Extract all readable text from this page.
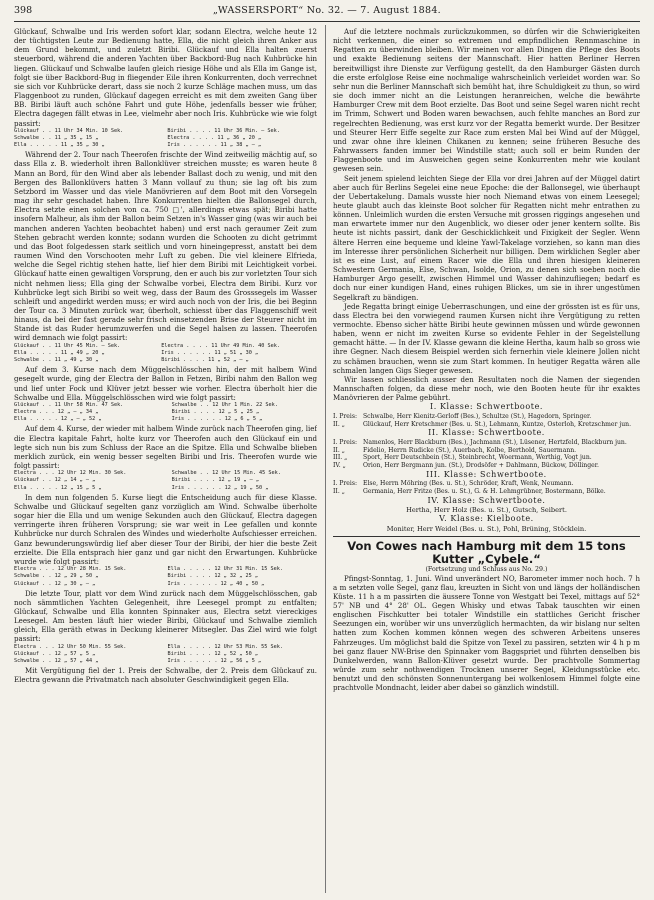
398	„WASSERSPORT“ No. 32. — 7. August 1884.

Glückauf, Schwalbe und Iris werden sofort klar, sodann Electra, welche heute 12 der tüchtigsten Leute zur Bedienung hatte, Ella, die nicht gleich ihren Anker aus dem Grund bekommt, und zuletzt Biribi. Glückauf und Ella halten zuerst steuerbord, während die anderen Yachten über Backbord-Bug nach Kuhbrücke hin liegen. Glückauf und Schwalbe laufen gleich riesige Höhe und als Ella im Gange ist, folgt sie über Backbord-Bug in fliegender Eile ihren Konkurrenten, doch verrechnet sie sich vor Kuhbrücke derart, dass sie noch 2 kurze Schläge machen muss, um das Flaggenboot zu runden, Glückauf dagegen erreicht es mit dem zweiten Gang über BB. Biribi läuft auch schöne Fahrt und gute Höhe, jedenfalls besser wie früher, Electra dagegen fällt etwas in Lee, vielmehr aber noch Iris. Kuhbrücke wie wie folgt passirt:

Glückauf . . 11 Uhr 34 Min. 10 Sek.		Biribi . . . . 11 Uhr 36 Min. — Sek.
Schwalbe . . 11 „ 35 „ 15 „		Electra . . . . 11 „ 36 „ 20 „
Ella . . . . . 11 „ 35 „ 30 „		Iris . . . . . . 11 „ 38 „ — „

Während der 2. Tour nach Theerofen frischte der Wind zeitweilig mächtig auf, so dass Ella z. B. wiederholt ihren Ballonklüver streichen musste; es waren heute 8 Mann an Bord, für den Wind aber als lebender Ballast doch zu wenig, und mit den Bergen des Ballonklüvers hatten 3 Mann vollauf zu thun; sie lag oft bis zum Setzbord im Wasser und das viele Manövrieren auf dem Boot mit den Vorsegeln mag ihr sehr geschadet haben. Ihre Konkurrenten hielten die Ballonsegel durch, Electra setzte einen solchen von ca. 750 □', allerdings etwas spät; Biribi hatte insofern Malheur, als ihm der Ballon beim Setzen in's Wasser ging (was wir auch bei manchen anderen Yachten beobachtet haben) und erst nach geraumer Zeit zum Stehen gebracht werden konnte; sodann wurden die Schooten zu dicht getrimmt und das Boot folgedessen stark seitlich und vorn hineingepresst, anstatt bei dem raumen Wind den Vorschooten mehr Luft zu geben. Die viel kleinere Elfrieda, welche die Segel richtig stehen hatte, lief hier dem Biribi mit Leichtigkeit vorbei. Glückauf hatte einen gewaltigen Vorsprung, den er auch bis zur vorletzten Tour sich nicht nehmen liess; Ella ging der Schwalbe vorbei, Electra dem Biribi. Kurz vor Kuhbrücke legt sich Biribi so weit weg, dass der Baum des Grosssegels im Wasser schleift und angedirkt werden muss; er wird auch noch von der Iris, die bei Beginn der Tour ca. 3 Minuten zurück war, überholt, schiesst über das Flaggenschiff weit hinaus, da bei der fast gerade sehr frisch einsetzenden Brise der Steurer nicht im Stande ist das Ruder herumzuwerfen und die Segel halsen zu lassen. Theerofen wird demnach wie folgt passirt:

Glückauf . . 11 Uhr 45 Min. — Sek.		Electra . . . . 11 Uhr 49 Min. 40 Sek.
Ella . . . . . 11 „ 49 „ 20 „		Iris . . . . . . 11 „ 51 „ 30 „
Schwalbe . . 11 „ 49 „ 30 „		Biribi . . . . 11 „ 52 „ — „

Auf dem 3. Kurse nach dem Müggelschlösschen hin, der mit halbem Wind gesegelt wurde, ging der Electra der Ballon in Fetzen, Biribi nahm den Ballon weg und lief unter Fock und Klüver jetzt besser wie vorher. Electra überholt hier die Schwalbe und Ella. Müggelschlösschen wird wie folgt passirt:

Glückauf . . 11 Uhr 58 Min. 47 Sek.		Schwalbe . . 12 Uhr 1 Min. 22 Sek.
Electra . . . 12 „ — „ 34 „		Biribi . . . . 12 „ 5 „ 25 „
Ella . . . . . 12 „ — „ 52 „		Iris . . . . . . 12 „ 6 „ 5 „

Auf dem 4. Kurse, der wieder mit halbem Winde zurück nach Theerofen ging, lief die Electra kapitale Fahrt, holte kurz vor Theerofen auch den Glückauf ein und legte sich nun bis zum Schluss der Race an die Spitze. Ella und Schwalbe blieben merklich zurück, ein wenig besser segelten Biribi und Iris. Theerofen wurde wie folgt passirt:

Electra . . . 12 Uhr 12 Min. 30 Sek.		Schwalbe . . 12 Uhr 15 Min. 45 Sek.
Glückauf . . 12 „ 14 „ — „		Biribi . . . . 12 „ 19 „ — „
Ella . . . . . 12 „ 15 „ 5 „		Iris . . . . . . 12 „ 19 „ 50 „

In dem nun folgenden 5. Kurse liegt die Entscheidung auch für diese Klasse. Schwalbe und Glückauf segelten ganz vorzüglich am Wind. Schwalbe überholte sogar hier die Ella und um wenige Sekunden auch den Glückauf, Electra dagegen verringerte ihren früheren Vorsprung; sie war weit in Lee gefallen und konnte Kuhbrücke nur durch Schralen des Windes und wiederholte Aufschiesser erreichen. Ganz bewunderungswürdig lief aber dieser Tour der Biribi, der hier die beste Zeit erzielte. Die Ella entsprach hier ganz und gar nicht den Erwartungen. Kuhbrücke wurde wie folgt passirt:

Electra . . . 12 Uhr 28 Min. 15 Sek.		Ella . . . . . 12 Uhr 31 Min. 15 Sek.
Schwalbe . . 12 „ 29 „ 50 „		Biribi . . . . 12 „ 32 „ 25 „
Glückauf . . 12 „ 30 „ — „		Iris . . . . . . 12 „ 40 „ 50 „

Die letzte Tour, platt vor dem Wind zurück nach dem Müggelschlösschen, gab noch sämmtlichen Yachten Gelegenheit, ihre Leesegel prompt zu entfalten; Glückauf, Schwalbe und Ella konnten Spinnaker aus, Electra setzt viereckiges Leesegel. Am besten läuft hier wieder Biribi, Glückauf und Schwalbe ziemlich gleich, Ella geräth etwas in Deckung kleinerer Mitsegler. Das Ziel wird wie folgt passirt:

Electra . . . 12 Uhr 50 Min. 55 Sek.		Ella . . . . . 12 Uhr 53 Min. 55 Sek.
Glückauf . . 12 „ 57 „ 5 „		Biribi . . . . 12 „ 52 „ 50 „
Schwalbe . . 12 „ 57 „ 44 „		Iris . . . . . . 12 „ 56 „ 5 „

Mit Vergütigung fiel der 1. Preis der Schwalbe, der 2. Preis dem Glückauf zu. Electra gewann die Privatmatch nach absoluter Geschwindigkeit gegen Ella.

Auf die letztere nochmals zurückzukommen, so dürfen wir die Schwierigkeiten nicht verkennen, die einer so extremen und empfindlichen Rennmaschine in Regatten zu überwinden bleiben. Wir meinen vor allen Dingen die Pflege des Boots und exakte Bedienung seitens der Mannschaft. Hier hatten Berliner Herren bereitwilligst ihre Dienste zur Verfügung gestellt, da den Hamburger Gästen durch die erste erfolglose Reise eine nochmalige wahrscheinlich verleidet worden war. So sehr nun die Berliner Mannschaft sich bemüht hat, ihre Schuldigkeit zu thun, so wird sie doch immer nicht an die Leistungen heranreichen, welche die bewährte Hamburger Crew mit dem Boot erzielte. Das Boot und seine Segel waren nicht recht im Trimm, Schwert und Boden waren bewachsen, auch fehlte manches an Bord zur regelrechten Bedienung, was erst kurz vor der Regatta bemerkt wurde. Der Besitzer und Steurer Herr Eiffe segelte zur Race zum ersten Mal bei Wind auf der Müggel, und zwar ohne ihre kleinen Chikanen zu kennen; seine früheren Besuche des Fahrwassers fanden immer bei Windstille statt; auch soll er beim Runden der Flaggenboote und im Ausweichen gegen seine Konkurrenten mehr wie koulant gewesen sein.

Seit jenem spielend leichten Siege der Ella vor drei Jahren auf der Müggel datirt aber auch für Berlins Segelei eine neue Epoche: die der Ballonsegel, wie überhaupt der Uebertakelung. Damals wusste hier noch Niemand etwas von einem Leesegel; heute glaubt auch das kleinste Boot solcher für Regatten nicht mehr entrathen zu können. Unleimlich wurden die ersten Versuche mit grossen riggings angesehen und man erwartete immer nur den Augenblick, wo dieser oder jener kentern sollte. Bis heute ist nichts passirt, dank der Geschicklichkeit und Fixigkeit der Segler. Wenn ältere Herren eine bequeme und kleine Yawl-Takelage vorziehen, so kann man dies im Interesse ihrer persönlichen Sicherheit nur billigen. Dem wirklichen Segler aber ist es eine Lust, auf einem Racer wie die Ella und ihren hiesigen kleineren Schwestern Germania, Else, Schwan, Isolde, Orion, zu denen sich soeben noch die Hamburger Argo gesellt, zwischen Himmel und Wasser dahinzufliegen; bedarf es doch nur einer kundigen Hand, eines ruhigen Blickes, um sie in ihrer ungestümen Segelkraft zu bändigen.

Jede Regatta bringt einige Ueberraschungen, und eine der grössten ist es für uns, dass Electra bei den vorwiegend raumen Kursen nicht ihre Vergütigung zu retten vermochte. Ebenso sicher hätte Biribi heute gewinnen müssen und würde gewonnen haben, wenn er nicht im zweiten Kurse so evidente Fehler in der Segelstellung gemacht hätte. — In der IV. Klasse gewann die kleine Hertha, kaum halb so gross wie ihre Gegner. Nach diesem Beispiel werden sich fernerhin viele kleinere Jollen nicht zu schämen brauchen, wenn sie zum Start kommen. In heutiger Regatta wären alle schmalen langen Gigs Sieger gewesen.

Wir lassen schliesslich ausser den Resultaten noch die Namen der siegenden Mannschaften folgen, da diese mehr noch, wie den Booten heute für ihr exaktes Manövrieren der Palme gebührt.

I. Klasse: Schwertboote.
I. Preis: Schwalbe, Herr Kienitz-Gerloff (Bes.), Schultze (St.), Hagedorn, Springer.
II. „	Glückauf, Herr Kretschmer (Bes. u. St.), Lehmann, Kuntze, Osterloh, Kretzschmer jun.
II. Klasse: Schwertboote.
I. Preis: Namenlos, Herr Blackburn (Bes.), Jachmann (St.), Lüsener, Hertzfeld, Blackburn jun.
II. „	Fidelio, Herrn Rudicke (St.), Auerbach, Kolbe, Berthold, Sauermann.
III. „	Sport, Herr Deutschbein (St.), Steinbrecht, Woermann, Werthig, Vogt jun.
IV. „	Orion, Herr Bergmann jun. (St.), Drodsöfer + Dahlmann, Bückow, Döllinger.
III. Klasse: Schwertboote.
I. Preis: Else, Herrn Möhring (Bes. u. St.), Schröder, Kraft, Wenk, Neumann.
II. „	Germania, Herr Fritze (Bes. u. St.), G. & H. Lehmgrübner, Bostermann, Bölke.
IV. Klasse: Schwertboote.
Hertha, Herr Holz (Bes. u. St.), Gutsch, Seibert.
V. Klasse: Kielboote.
Moniter, Herr Weidel (Bes. u. St.), Pohl, Brüning, Stöcklein.
Von Cowes nach Hamburg mit dem 15 tons Kutter „Cybele.“
(Fortsetzung und Schluss aus No. 29.)

Pfingst-Sonntag, 1. Juni. Wind unverändert NO, Barometer immer noch hoch. 7 h a m setzten volle Segel, ganz flau, kreuzten in Sicht von und längs der holländischen Küste. 11 h a m passirten die äussere Tonne von Westgatt bei Texel, mittags auf 52° 57' NB und 4° 28' OL. Gegen Whisky und etwas Tabak tauschten wir einen englischen Fischkutter bei totaler Windstille ein stattliches Gericht frischer Seezungen ein, worüber wir uns unverzüglich hermachten, da wir bislang nur selten hatten zum Kochen kommen können wegen des schweren Arbeitens unseres Fahrzeuges. Um möglichst bald die Spitze von Texel zu passiren, setzten wir 4 h p m bei ganz flauer NW-Brise den Spinnaker vom Baggspriet und führten denselben bis Dunkelwerden, wann Ballon-Klüver gesetzt wurde. Der prachtvolle Sommertag würde zum sehr nothwendigen Trocknen unserer Segel, Kleidungsstücke etc. benutzt und den schönsten Sonnenuntergang bei wolkenlosem Himmel folgte eine prachtvolle Mondnacht, leider aber dabei so gänzlich windstill.
